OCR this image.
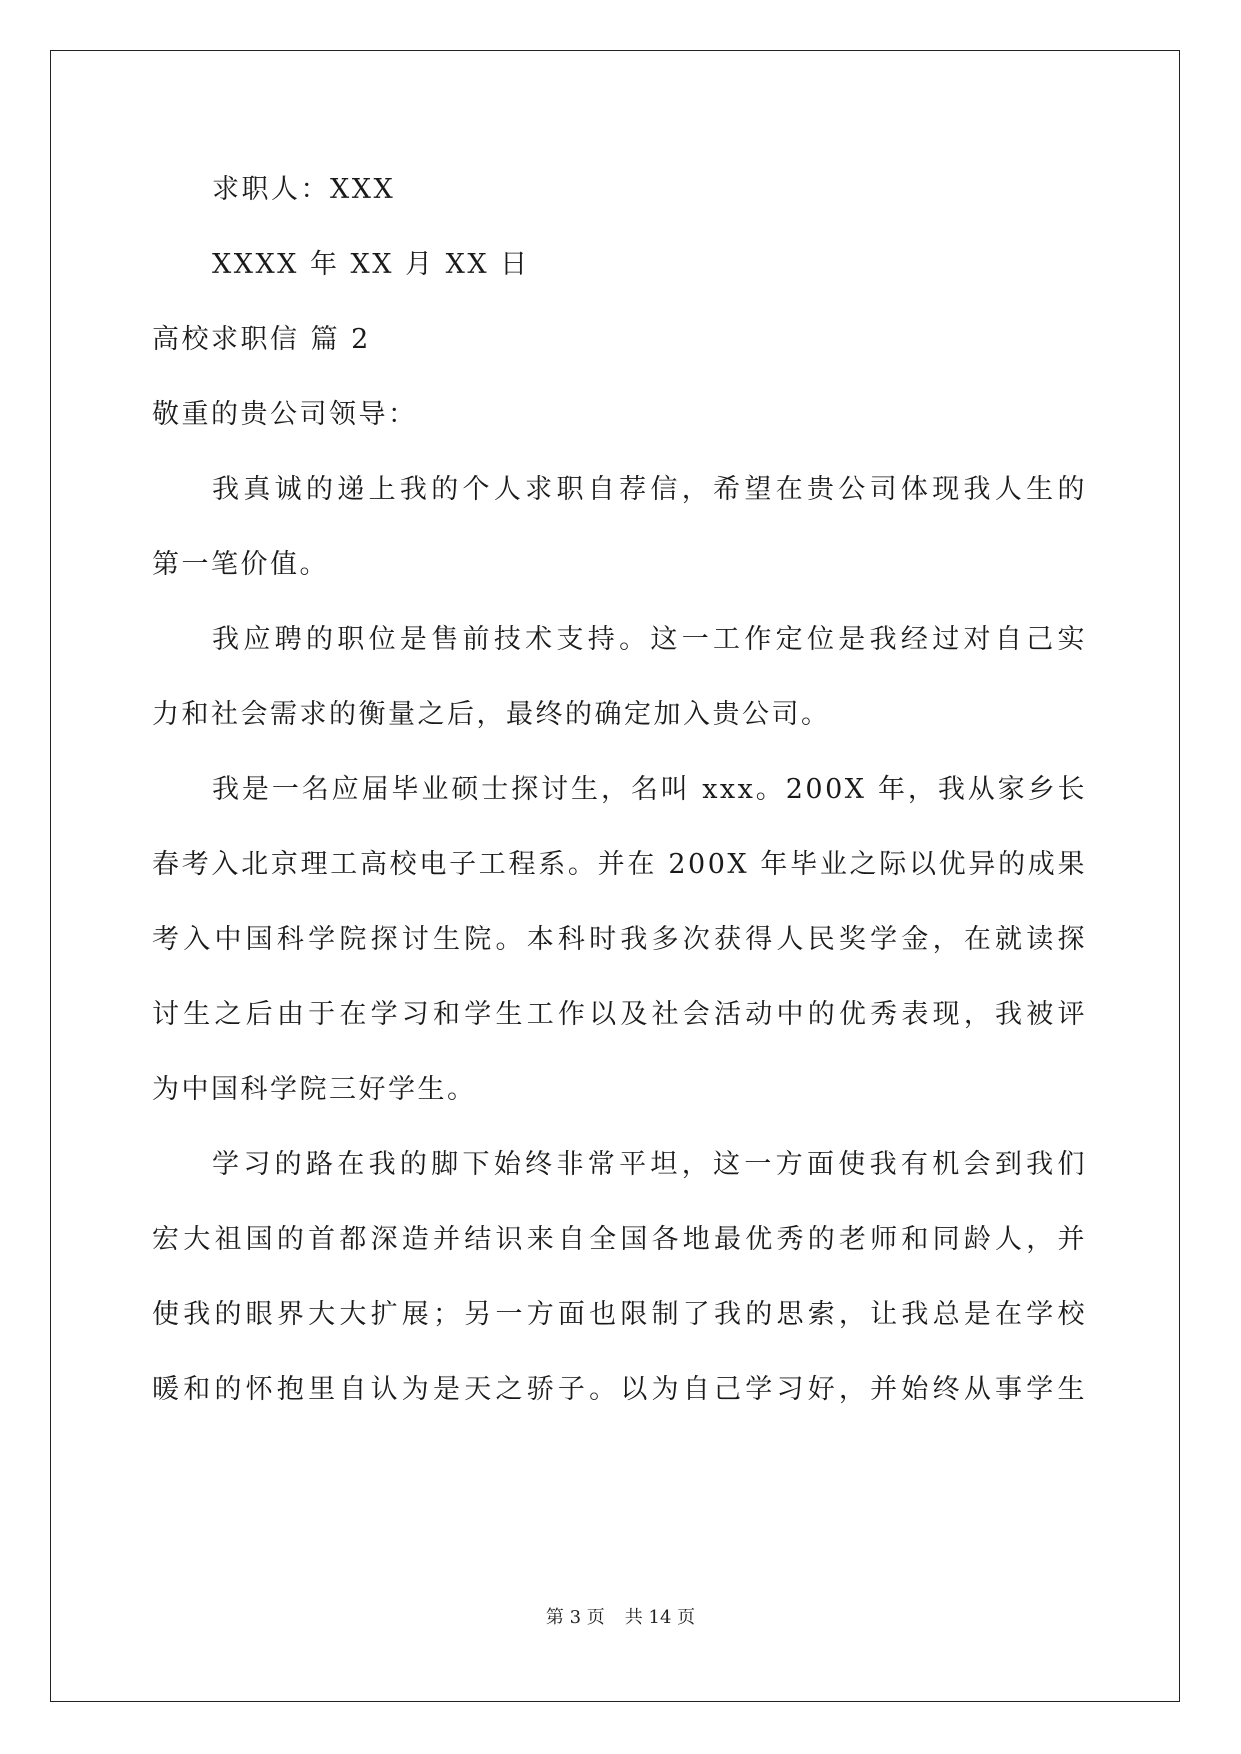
求职人：XXX
XXXX 年 XX 月 XX 日
高校求职信 篇 2
敬重的贵公司领导：
我真诚的递上我的个人求职自荐信，希望在贵公司体现我人生的
第一笔价值。
我应聘的职位是售前技术支持。这一工作定位是我经过对自己实
力和社会需求的衡量之后，最终的确定加入贵公司。
我是一名应届毕业硕士探讨生，名叫 xxx。200X 年，我从家乡长
春考入北京理工高校电子工程系。并在 200X 年毕业之际以优异的成果
考入中国科学院探讨生院。本科时我多次获得人民奖学金，在就读探
讨生之后由于在学习和学生工作以及社会活动中的优秀表现，我被评
为中国科学院三好学生。
学习的路在我的脚下始终非常平坦，这一方面使我有机会到我们
宏大祖国的首都深造并结识来自全国各地最优秀的老师和同龄人，并
使我的眼界大大扩展；另一方面也限制了我的思索，让我总是在学校
暖和的怀抱里自认为是天之骄子。以为自己学习好，并始终从事学生
第 3 页 共 14 页
